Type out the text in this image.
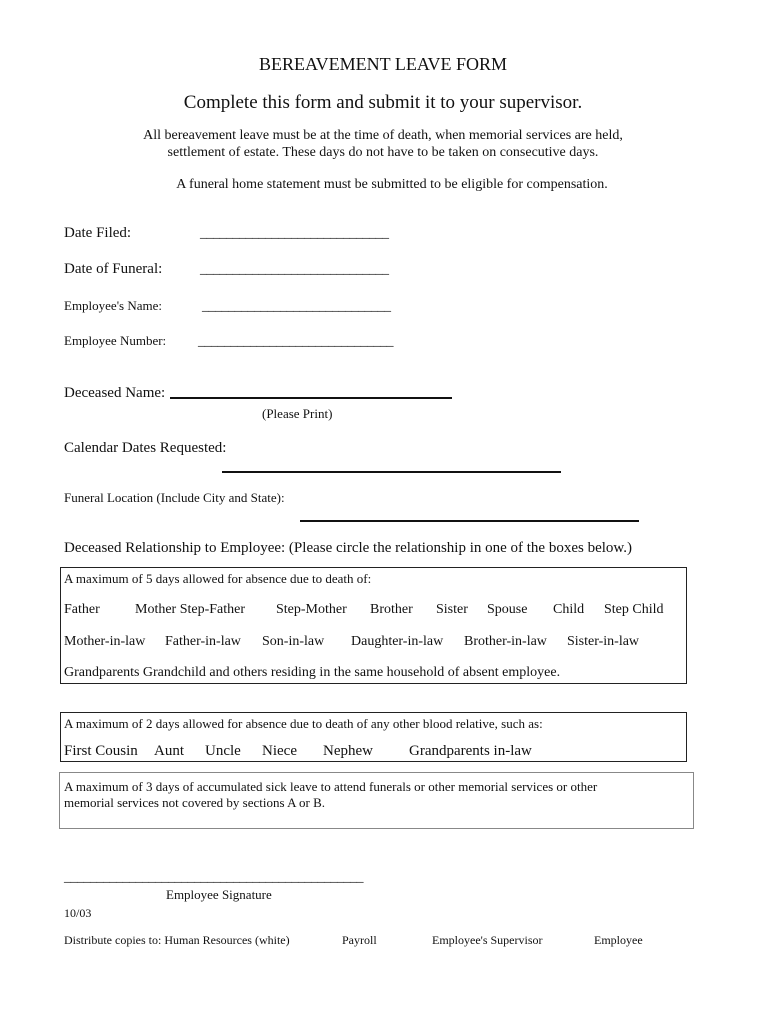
BEREAVEMENT LEAVE FORM
Complete this form and submit it to your supervisor.
All bereavement leave must be at the time of death, when memorial services are held,
settlement of estate. These days do not have to be taken on consecutive days.
A funeral home statement must be submitted to be eligible for compensation.
Date Filed:	_____________________________
Date of Funeral:	_____________________________
Employee's Name:	_____________________________
Employee Number: ______________________________
Deceased Name:
(Please Print)
Calendar Dates Requested:
Funeral Location (Include City and State):
Deceased Relationship to Employee: (Please circle the relationship in one of the boxes below.)
A maximum of 5 days allowed for absence due to death of:
Father	Mother Step-Father Step-Mother Brother Sister Spouse Child Step Child
Mother-in-law Father-in-law Son-in-law Daughter-in-law Brother-in-law Sister-in-law
Grandparents Grandchild and others residing in the same household of absent employee.
A maximum of 2 days allowed for absence due to death of any other blood relative, such as:
First Cousin Aunt Uncle Niece Nephew Grandparents in-law
A maximum of 3 days of accumulated sick leave to attend funerals or other memorial services or other
memorial services not covered by sections A or B.
______________________________________________
Employee Signature
10/03
Distribute copies to: Human Resources (white)	Payroll	Employee's Supervisor	Employee
